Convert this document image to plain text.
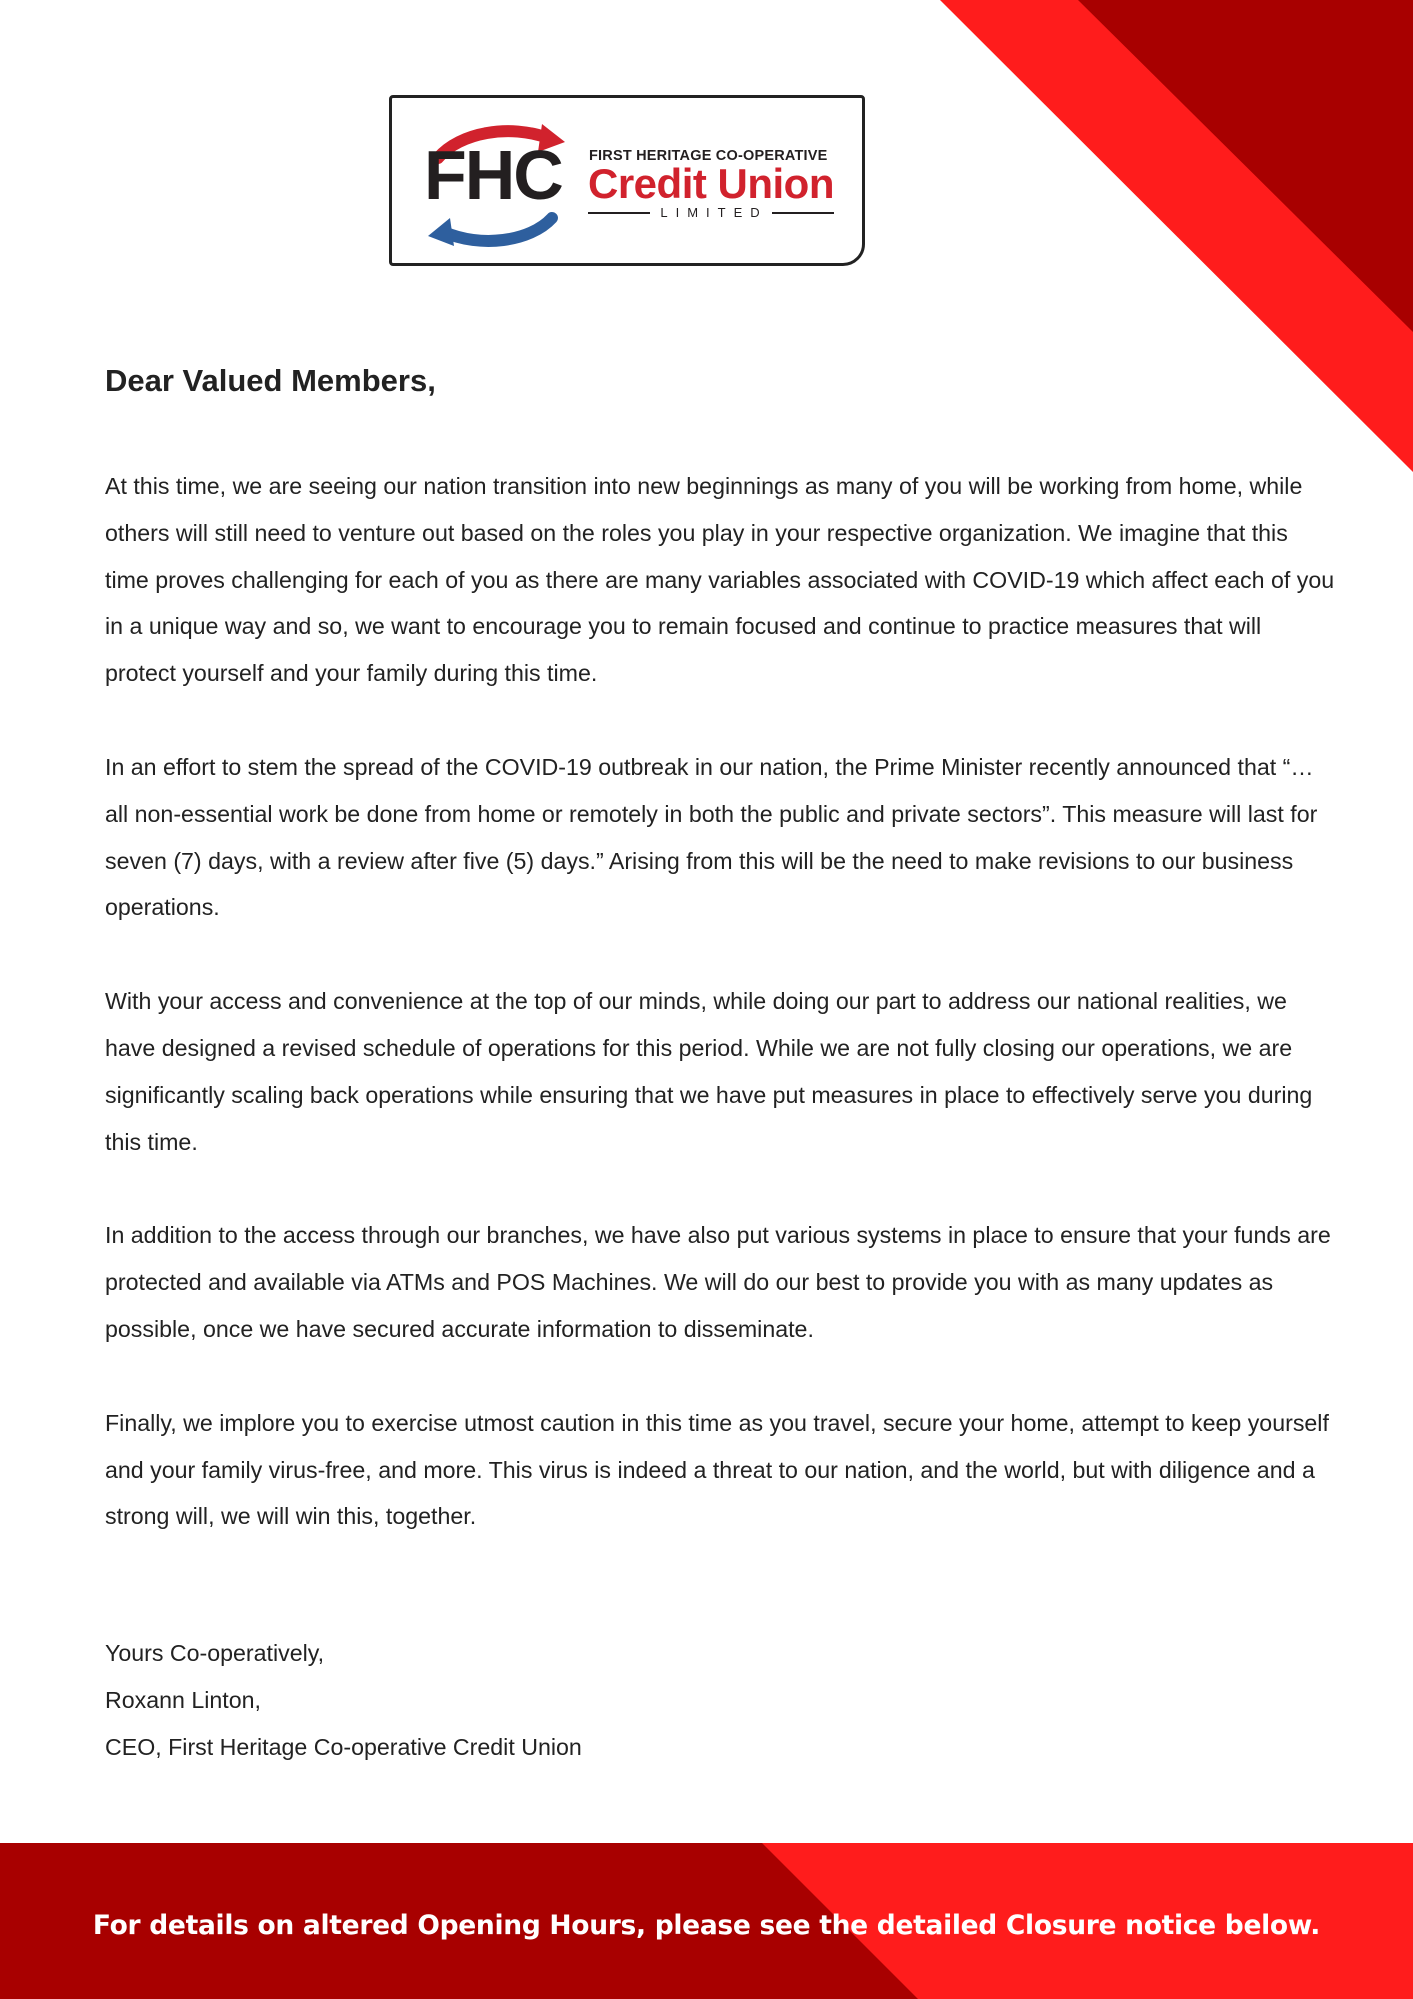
FHC FIRST HERITAGE CO-OPERATIVE
Credit Union
LIMITED
Dear Valued Members,

At this time, we are seeing our nation transition into new beginnings as many of you will be working from home, while others will still need to venture out based on the roles you play in your respective organization. We imagine that this time proves challenging for each of you as there are many variables associated with COVID-19 which affect each of you in a unique way and so, we want to encourage you to remain focused and continue to practice measures that will protect yourself and your family during this time.

In an effort to stem the spread of the COVID-19 outbreak in our nation, the Prime Minister recently announced that “…all non-essential work be done from home or remotely in both the public and private sectors”. This measure will last for seven (7) days, with a review after five (5) days.” Arising from this will be the need to make revisions to our business operations.

With your access and convenience at the top of our minds, while doing our part to address our national realities, we have designed a revised schedule of operations for this period. While we are not fully closing our operations, we are significantly scaling back operations while ensuring that we have put measures in place to effectively serve you during this time.

In addition to the access through our branches, we have also put various systems in place to ensure that your funds are protected and available via ATMs and POS Machines. We will do our best to provide you with as many updates as possible, once we have secured accurate information to disseminate.

Finally, we implore you to exercise utmost caution in this time as you travel, secure your home, attempt to keep yourself and your family virus-free, and more. This virus is indeed a threat to our nation, and the world, but with diligence and a strong will, we will win this, together.

Yours Co-operatively,
Roxann Linton,
CEO, First Heritage Co-operative Credit Union
For details on altered Opening Hours, please see the detailed Closure notice below.
